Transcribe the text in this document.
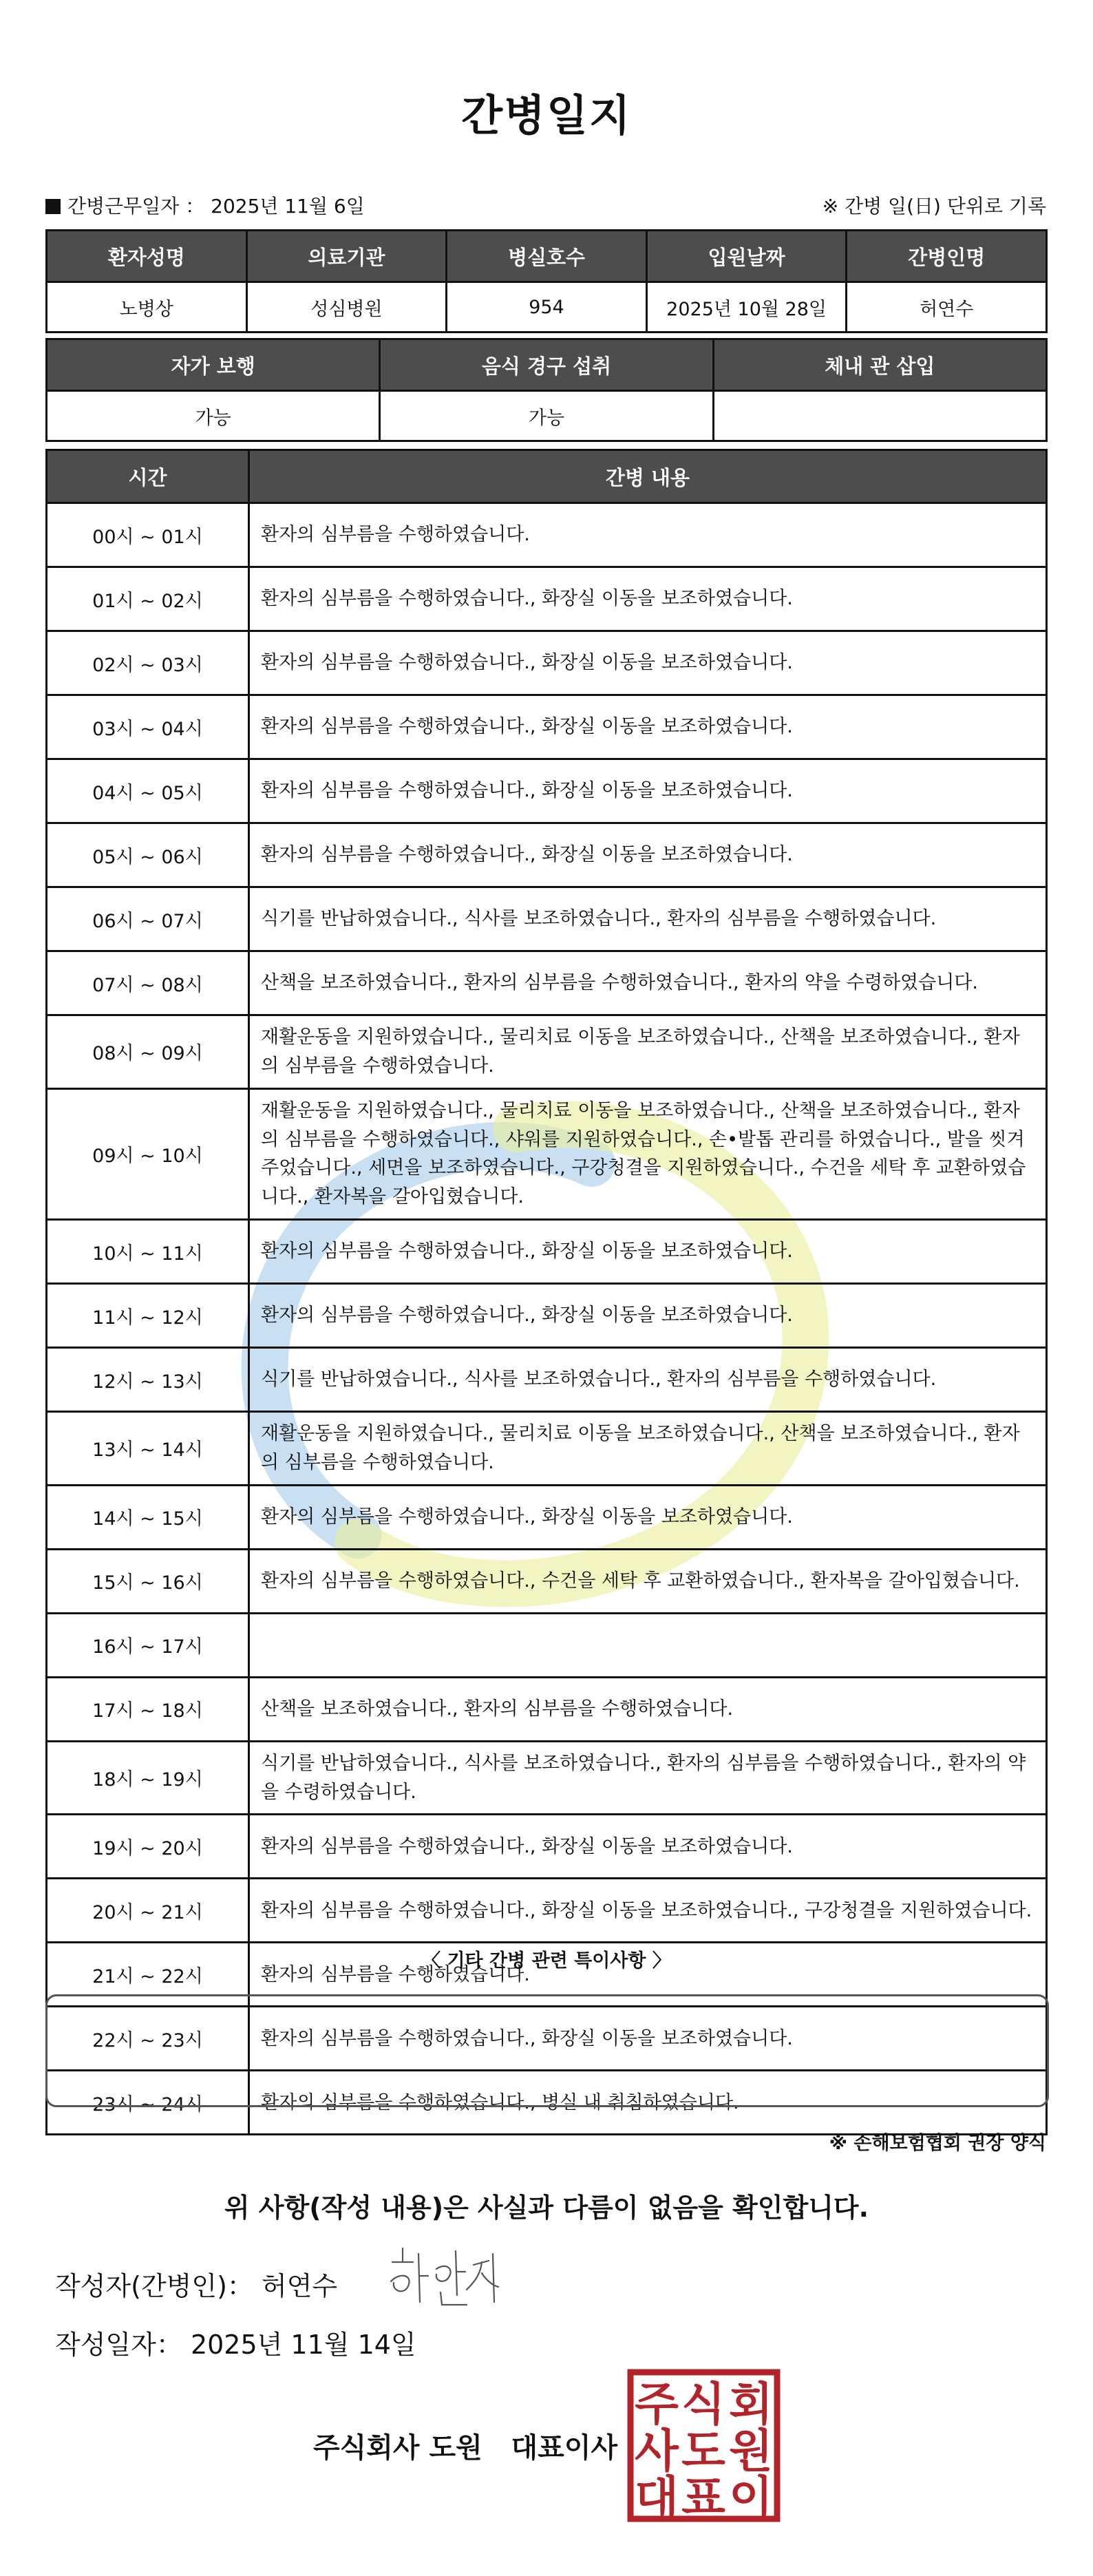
간병일지
간병근무일자 ： 2025년 11월 6일	※ 간병 일(日) 단위로 기록
환자성명	의료기관	병실호수	입원날짜	간병인명
노병상	성심병원	954	2025년 10월 28일	허연수
자가 보행	음식 경구 섭취	체내 관 삽입
가능	가능	
시간	간병 내용
00시 ~ 01시	환자의 심부름을 수행하였습니다.
01시 ~ 02시	환자의 심부름을 수행하였습니다., 화장실 이동을 보조하였습니다.
02시 ~ 03시	환자의 심부름을 수행하였습니다., 화장실 이동을 보조하였습니다.
03시 ~ 04시	환자의 심부름을 수행하였습니다., 화장실 이동을 보조하였습니다.
04시 ~ 05시	환자의 심부름을 수행하였습니다., 화장실 이동을 보조하였습니다.
05시 ~ 06시	환자의 심부름을 수행하였습니다., 화장실 이동을 보조하였습니다.
06시 ~ 07시	식기를 반납하였습니다., 식사를 보조하였습니다., 환자의 심부름을 수행하였습니다.
07시 ~ 08시	산책을 보조하였습니다., 환자의 심부름을 수행하였습니다., 환자의 약을 수령하였습니다.
08시 ~ 09시	재활운동을 지원하였습니다., 물리치료 이동을 보조하였습니다., 산책을 보조하였습니다., 환자의 심부름을 수행하였습니다.
09시 ~ 10시	재활운동을 지원하였습니다., 물리치료 이동을 보조하였습니다., 산책을 보조하였습니다., 환자의 심부름을 수행하였습니다., 샤워를 지원하였습니다., 손•발톱 관리를 하였습니다., 발을 씻겨주었습니다., 세면을 보조하였습니다., 구강청결을 지원하였습니다., 수건을 세탁 후 교환하였습니다., 환자복을 갈아입혔습니다.
10시 ~ 11시	환자의 심부름을 수행하였습니다., 화장실 이동을 보조하였습니다.
11시 ~ 12시	환자의 심부름을 수행하였습니다., 화장실 이동을 보조하였습니다.
12시 ~ 13시	식기를 반납하였습니다., 식사를 보조하였습니다., 환자의 심부름을 수행하였습니다.
13시 ~ 14시	재활운동을 지원하였습니다., 물리치료 이동을 보조하였습니다., 산책을 보조하였습니다., 환자의 심부름을 수행하였습니다.
14시 ~ 15시	환자의 심부름을 수행하였습니다., 화장실 이동을 보조하였습니다.
15시 ~ 16시	환자의 심부름을 수행하였습니다., 수건을 세탁 후 교환하였습니다., 환자복을 갈아입혔습니다.
16시 ~ 17시	
17시 ~ 18시	산책을 보조하였습니다., 환자의 심부름을 수행하였습니다.
18시 ~ 19시	식기를 반납하였습니다., 식사를 보조하였습니다., 환자의 심부름을 수행하였습니다., 환자의 약을 수령하였습니다.
19시 ~ 20시	환자의 심부름을 수행하였습니다., 화장실 이동을 보조하였습니다.
20시 ~ 21시	환자의 심부름을 수행하였습니다., 화장실 이동을 보조하였습니다., 구강청결을 지원하였습니다.
21시 ~ 22시	환자의 심부름을 수행하였습니다.
22시 ~ 23시	환자의 심부름을 수행하였습니다., 화장실 이동을 보조하였습니다.
23시 ~ 24시	환자의 심부름을 수행하였습니다., 병실 내 취침하였습니다.
〈 기타 간병 관련 특이사항 〉
※ 손해보험협회 권장 양식
위 사항(작성 내용)은 사실과 다름이 없음을 확인합니다.
작성자(간병인)： 허연수
작성일자： 2025년 11월 14일
주식회사 도원   대표이사
주 식 회
사 도 원
대 표 이
